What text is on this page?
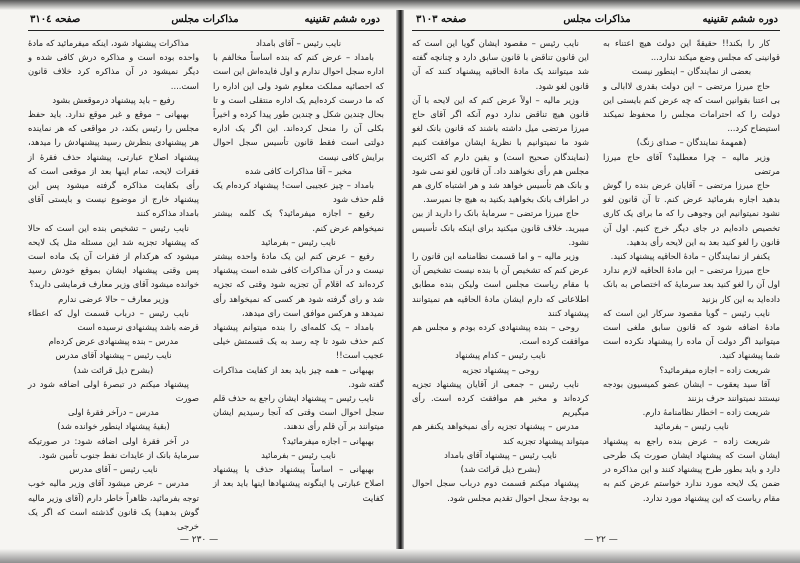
دوره ششم تقنینیه
مذاکرات مجلس
صفحه ٣١٠٤

نایب رئیس – آقای بامداد

بامداد – عرض کنم که بنده اساساً مخالفم با اداره سجل احوال ندارم و اول فایده‌اش این است که احصائیه مملکت معلوم شود ولی این اداره را که ما درست کرده‌ایم یک اداره منتقلی است و تا بحال چندین شکل و چندین طور پیدا کرده و اخیراً بکلی آن را منحل کرده‌اند. این اگر یک اداره دولتی است فقط قانون تأسیس سجل احوال برایش کافی نیست

مخبر – آقا مذاکرات کافی شده

بامداد – چیز عجیبی است! پیشنهاد کرده‌ام یک قلم حذف شود

رفیع – اجازه میفرمائید؟ یک کلمه بیشتر نمیخواهم عرض کنم.

نایب رئیس – بفرمائید

رفیع – عرض کنم این یک مادهٔ واحده بیشتر نیست و در آن مذاکرات کافی شده است پیشنهاد کرده‌اند که اقلام آن تجزیه شود وقتی که تجزیه شد و رای گرفته شود هر کسی که نمیخواهد رأی نمیدهد و هرکس موافق است رای میدهد،

بامداد – یک کلمه‌ای را بنده میتوانم پیشنهاد کنم حذف شود تا چه رسد به یک قسمتش خیلی عجیب است!!

بهبهانی – همه چیز باید بعد از کفایت مذاکرات گفته شود.

نایب رئیس – پیشنهاد ایشان راجع به حذف قلم سجل احوال است وقتی که آنجا رسیدیم ایشان میتوانند بر آن قلم رأی ندهند.

بهبهانی – اجازه میفرمائید؟

نایب رئیس – بفرمائید

بهبهانی – اساساً پیشنهاد حذف یا پیشنهاد اصلاح عبارتی یا اینگونه پیشنهادها اینها باید بعد از کفایت

مذاکرات پیشنهاد شود، اینکه میفرمائید که مادهٔ واحده بوده است و مذاکره درش کافی شده و دیگر نمیشود در آن مذاکره کرد خلاف قانون است....

رفیع – باید پیشنهاد درموقعش بشود

بهبهانی – موقع و غیر موقع ندارد. باید حفظ مجلس را رئیس بکند، در مواقعی که هر نماینده هر پیشنهادی بنظرش رسید پیشنهادش را میدهد، پیشنهاد اصلاح عبارتی، پیشنهاد حذف فقرهٔ از فقرات لایحه، تمام اینها بعد از موقعی است که رأی بکفایت مذاکره گرفته میشود پس این پیشنهاد خارج از موضوع نیست و بایستی آقای بامداد مذاکره کنند

نایب رئیس – تشخیص بنده این است که حالا که پیشنهاد تجزیه شد این مسئله مثل یک لایحه میشود که هرکدام از فقرات آن یک ماده است پس وقتی پیشنهاد ایشان بموقع خودش رسید خوانده میشود آقای وزیر معارف فرمایشی دارید؟

وزیر معارف – حالا عرضی ندارم

نایب رئیس – درباب قسمت اول که اعطاء قرضه باشد پیشنهادی نرسیده است

مدرس – بنده پیشنهادی عرض کرده‌ام

نایب رئیس – پیشنهاد آقای مدرس

(بشرح ذیل قرائت شد)

پیشنهاد میکنم در تبصرهٔ اولی اضافه شود در صورت

مدرس – درآخر فقرهٔ اولی

(بقیهٔ پیشنهاد اینطور خوانده شد)

در آخر فقرهٔ اولی اضافه شود: در صورتیکه سرمایهٔ بانک از عایدات نفط جنوب تأمین شود.

نایب رئیس – آقای مدرس

مدرس – عرض میشود آقای وزیر مالیه خوب توجه بفرمائید، ظاهراً خاطر دارم (آقای وزیر مالیه گوش بدهید) یک قانون گذشته است که اگر یک خرجی

— ٢٣٠ —
دوره ششم تقنینیه
مذاکرات مجلس
صفحه ٣١٠٣

کار را بکند!! حقیقةً این دولت هیچ اعتناء به قوانینی که مجلس وضع میکند ندارد...

بعضی از نمایندگان – اینطور نیست

حاج میرزا مرتضی – این دولت بقدری لاابالی و بی اعتنا بقوانین است که چه عرض کنم بایستی این دولت را که احترامات مجلس را محفوظ نمیکند استیضاح کرد...

(همهمهٔ نمایندگان – صدای زنگ)

وزیر مالیه – چرا معطلید؟ آقای حاج میرزا مرتضی

حاج میرزا مرتضی – آقایان عرض بنده را گوش بدهید اجازه بفرمائید عرض کنم. تا آن قانون لغو نشود نمیتوانیم این وجوهی را که ما برای یک کاری تخصیص داده‌ایم در جای دیگر خرج کنیم. اول آن قانون را لغو کنید بعد به این لایحه رأی بدهید.

یکنفر از نمایندگان – مادهٔ الحاقیه پیشنهاد کنید.

حاج میرزا مرتضی – این مادهٔ الحاقیه لازم ندارد اول آن را لغو کنید بعد سرمایهٔ که اختصاص به بانک داده‌اید به این کار بزنید

نایب رئیس – گویا مقصود سرکار این است که مادهٔ اضافه شود که قانون سابق ملغی است میتوانید اگر دولت آن ماده را پیشنهاد نکرده است شما پیشنهاد کنید.

شریعت زاده – اجازه میفرمائید؟

آقا سید یعقوب – ایشان عضو کمیسیون بودجه نیستند نمیتوانند حرف بزنند

شریعت زاده – اخطار نظامنامهٔ دارم.

نایب رئیس – بفرمائید

شریعت زاده – عرض بنده راجع به پیشنهاد ایشان است که پیشنهاد ایشان صورت یک طرحی دارد و باید بطور طرح پیشنهاد کنند و این مذاکره در ضمن یک لایحه مورد ندارد خواستم عرض کنم به مقام ریاست که این پیشنهاد مورد ندارد.

نایب رئیس – مقصود ایشان گویا این است که این قانون تناقض با قانون سابق دارد و چنانچه گفته شد میتوانند یک مادهٔ الحاقیه پیشنهاد کنند که آن قانون لغو شود.

وزیر مالیه – اولاً عرض کنم که این لایحه با آن قانون هیچ تناقض ندارد دوم آنکه اگر آقای حاج میرزا مرتضی میل داشته باشند که قانون بانک لغو شود ما نمیتوانیم با نظریهٔ ایشان موافقت کنیم (نمایندگان صحیح است) و یقین دارم که اکثریت مجلس هم رأی نخواهند داد. آن قانون لغو نمی شود و بانک هم تأسیس خواهد شد و هر اشتباه کاری هم در اطراف بانک بخواهید بکنید به هیچ جا نمیرسد.

حاج میرزا مرتضی – سرمایهٔ بانک را دارید از بین میبرید. خلاف قانون میکنید برای اینکه بانک تأسیس نشود.

وزیر مالیه – و اما قسمت نظامنامه این قانون را عرض کنم که تشخیص آن با بنده نیست تشخیص آن با مقام ریاست مجلس است ولیکن بنده مطابق اطلاعاتی که دارم ایشان مادهٔ الحاقیه هم نمیتوانند پیشنهاد کنند

روحی – بنده پیشنهادی کرده بودم و مجلس هم موافقت کرده است.

نایب رئیس – کدام پیشنهاد

روحی – پیشنهاد تجزیه

نایب رئیس – جمعی از آقایان پیشنهاد تجزیه کرده‌اند و مخبر هم موافقت کرده است. رأی میگیریم

مدرس – پیشنهاد تجزیه رأی نمیخواهد یکنفر هم میتواند پیشنهاد تجزیه کند

نایب رئیس – پیشنهاد آقای بامداد

(بشرح ذیل قرائت شد)

پیشنهاد میکنم قسمت دوم درباب سجل احوال به بودجهٔ سجل احوال تقدیم مجلس شود.

— ٢٢ —
